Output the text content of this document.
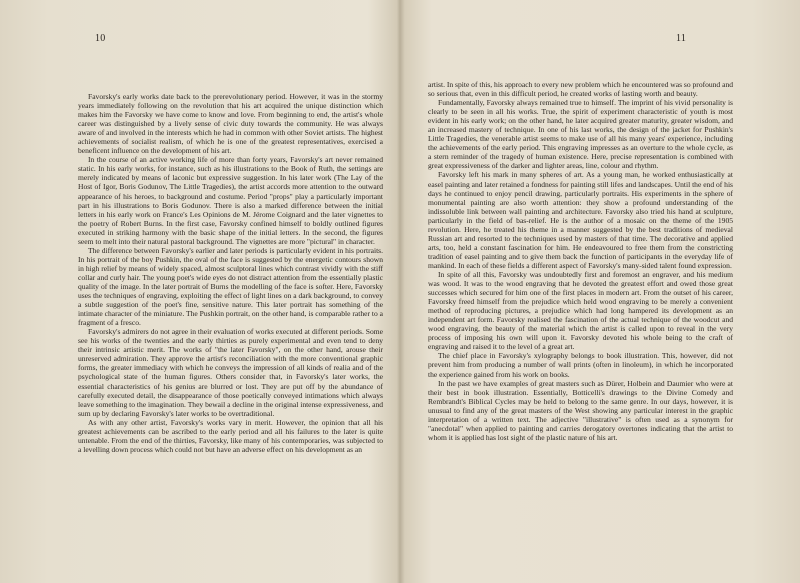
10

Favorsky's early works date back to the prerevolutionary period. However, it was in the stormy years immediately following on the revolution that his art acquired the unique distinction which makes him the Favorsky we have come to know and love. From beginning to end, the artist's whole career was distinguished by a lively sense of civic duty towards the community. He was always aware of and involved in the interests which he had in common with other Soviet artists. The highest achievements of socialist realism, of which he is one of the greatest representatives, exercised a beneficent influence on the development of his art.

In the course of an active working life of more than forty years, Favorsky's art never remained static. In his early works, for instance, such as his illustrations to the Book of Ruth, the settings are merely indicated by means of laconic but expressive suggestion. In his later work (The Lay of the Host of Igor, Boris Godunov, The Little Tragedies), the artist accords more attention to the outward appearance of his heroes, to background and costume. Period "props" play a particularly important part in his illustrations to Boris Godunov. There is also a marked difference between the initial letters in his early work on France's Les Opinions de M. Jérome Coignard and the later vignettes to the poetry of Robert Burns. In the first case, Favorsky confined himself to boldly outlined figures executed in striking harmony with the basic shape of the initial letters. In the second, the figures seem to melt into their natural pastoral background. The vignettes are more "pictural" in character.

The difference between Favorsky's earlier and later periods is particularly evident in his portraits. In his portrait of the boy Pushkin, the oval of the face is suggested by the energetic contours shown in high relief by means of widely spaced, almost sculptoral lines which contrast vividly with the stiff collar and curly hair. The young poet's wide eyes do not distract attention from the essentially plastic quality of the image. In the later portrait of Burns the modelling of the face is softer. Here, Favorsky uses the techniques of engraving, exploiting the effect of light lines on a dark background, to convey a subtle suggestion of the poet's fine, sensitive nature. This later portrait has something of the intimate character of the miniature. The Pushkin portrait, on the other hand, is comparable rather to a fragment of a fresco.

Favorsky's admirers do not agree in their evaluation of works executed at different periods. Some see his works of the twenties and the early thirties as purely experimental and even tend to deny their intrinsic artistic merit. The works of "the later Favorsky", on the other hand, arouse their unreserved admiration. They approve the artist's reconciliation with the more conventional graphic forms, the greater immediacy with which he conveys the impression of all kinds of realia and of the psychological state of the human figures. Others consider that, in Favorsky's later works, the essential characteristics of his genius are blurred or lost. They are put off by the abundance of carefully executed detail, the disappearance of those poetically conveyed intimations which always leave something to the imagination. They bewail a decline in the original intense expressiveness, and sum up by declaring Favorsky's later works to be overtraditional.

As with any other artist, Favorsky's works vary in merit. However, the opinion that all his greatest achievements can be ascribed to the early period and all his failures to the later is quite untenable. From the end of the thirties, Favorsky, like many of his contemporaries, was subjected to a levelling down process which could not but have an adverse effect on his development as an

11

artist. In spite of this, his approach to every new problem which he encountered was so profound and so serious that, even in this difficult period, he created works of lasting worth and beauty.

Fundamentally, Favorsky always remained true to himself. The imprint of his vivid personality is clearly to be seen in all his works. True, the spirit of experiment characteristic of youth is most evident in his early work; on the other hand, he later acquired greater maturity, greater wisdom, and an increased mastery of technique. In one of his last works, the design of the jacket for Pushkin's Little Tragedies, the venerable artist seems to make use of all his many years' experience, including the achievements of the early period. This engraving impresses as an overture to the whole cycle, as a stern reminder of the tragedy of human existence. Here, precise representation is combined with great expressiveness of the darker and lighter areas, line, colour and rhythm.

Favorsky left his mark in many spheres of art. As a young man, he worked enthusiastically at easel painting and later retained a fondness for painting still lifes and landscapes. Until the end of his days he continued to enjoy pencil drawing, particularly portraits. His experiments in the sphere of monumental painting are also worth attention: they show a profound understanding of the indissoluble link between wall painting and architecture. Favorsky also tried his hand at sculpture, particularly in the field of bas-relief. He is the author of a mosaic on the theme of the 1905 revolution. Here, he treated his theme in a manner suggested by the best traditions of medieval Russian art and resorted to the techniques used by masters of that time. The decorative and applied arts, too, held a constant fascination for him. He endeavoured to free them from the constricting tradition of easel painting and to give them back the function of participants in the everyday life of mankind. In each of these fields a different aspect of Favorsky's many-sided talent found expression.

In spite of all this, Favorsky was undoubtedly first and foremost an engraver, and his medium was wood. It was to the wood engraving that he devoted the greatest effort and owed those great successes which secured for him one of the first places in modern art. From the outset of his career, Favorsky freed himself from the prejudice which held wood engraving to be merely a convenient method of reproducing pictures, a prejudice which had long hampered its development as an independent art form. Favorsky realised the fascination of the actual technique of the woodcut and wood engraving, the beauty of the material which the artist is called upon to reveal in the very process of imposing his own will upon it. Favorsky devoted his whole being to the craft of engraving and raised it to the level of a great art.

The chief place in Favorsky's xylography belongs to book illustration. This, however, did not prevent him from producing a number of wall prints (often in linoleum), in which he incorporated the experience gained from his work on books.

In the past we have examples of great masters such as Dürer, Holbein and Daumier who were at their best in book illustration. Essentially, Botticelli's drawings to the Divine Comedy and Rembrandt's Biblical Cycles may be held to belong to the same genre. In our days, however, it is unusual to find any of the great masters of the West showing any particular interest in the graphic interpretation of a written text. The adjective "illustrative" is often used as a synonym for "anecdotal" when applied to painting and carries derogatory overtones indicating that the artist to whom it is applied has lost sight of the plastic nature of his art.
